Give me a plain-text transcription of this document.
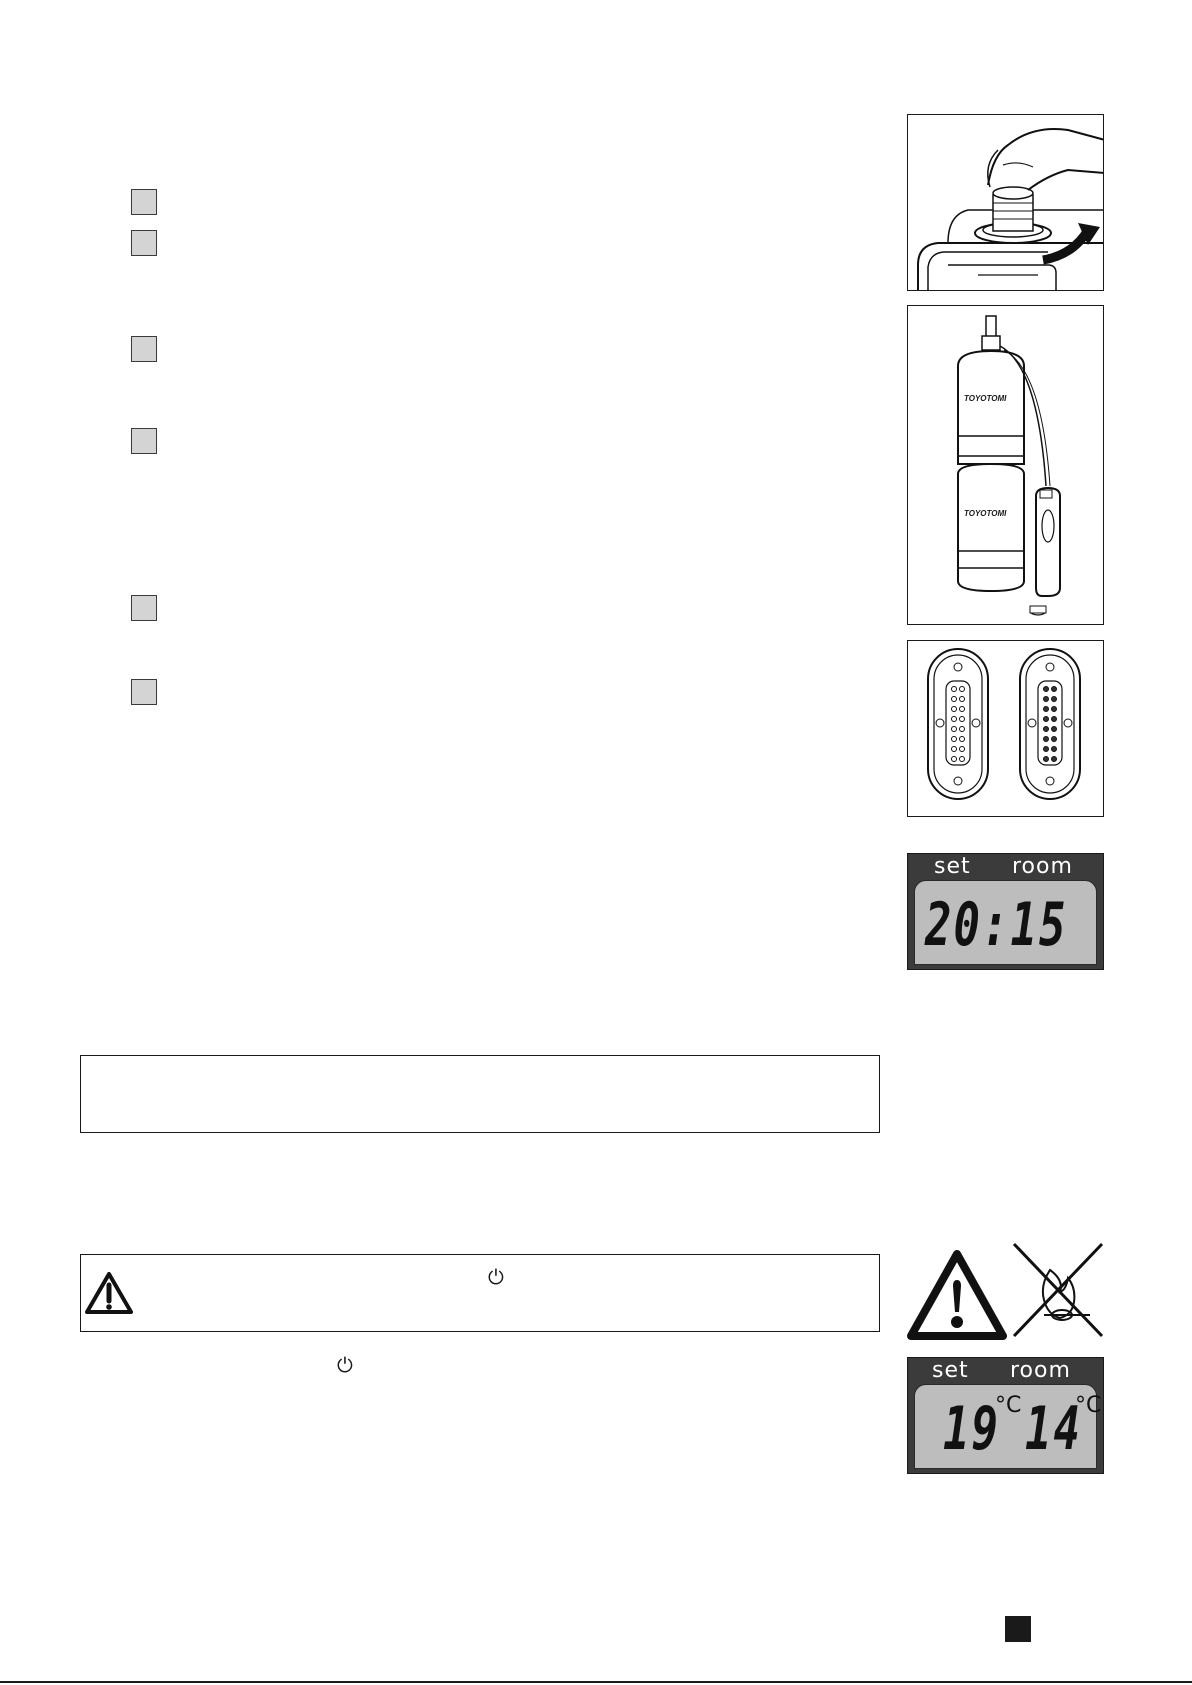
TOYOTOMI
TOYOTOMI
set room
20:15
⏻
⏻	set room
19
°C 14
°C
